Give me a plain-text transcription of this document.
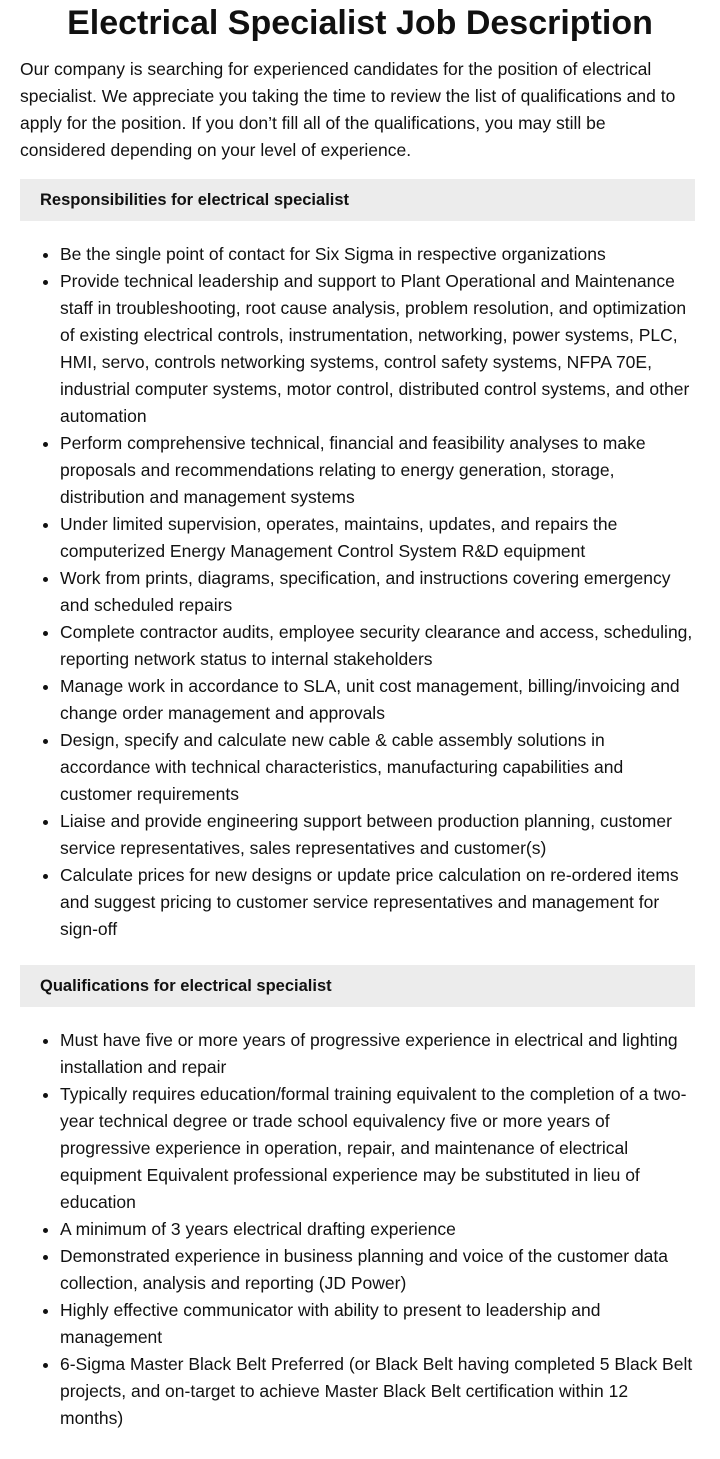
Electrical Specialist Job Description

Our company is searching for experienced candidates for the position of electrical specialist. We appreciate you taking the time to review the list of qualifications and to apply for the position. If you don’t fill all of the qualifications, you may still be considered depending on your level of experience.

Responsibilities for electrical specialist
• Be the single point of contact for Six Sigma in respective organizations
• Provide technical leadership and support to Plant Operational and Maintenance staff in troubleshooting, root cause analysis, problem resolution, and optimization of existing electrical controls, instrumentation, networking, power systems, PLC, HMI, servo, controls networking systems, control safety systems, NFPA 70E, industrial computer systems, motor control, distributed control systems, and other automation
• Perform comprehensive technical, financial and feasibility analyses to make proposals and recommendations relating to energy generation, storage, distribution and management systems
• Under limited supervision, operates, maintains, updates, and repairs the computerized Energy Management Control System R&D equipment
• Work from prints, diagrams, specification, and instructions covering emergency and scheduled repairs
• Complete contractor audits, employee security clearance and access, scheduling, reporting network status to internal stakeholders
• Manage work in accordance to SLA, unit cost management, billing/invoicing and change order management and approvals
• Design, specify and calculate new cable & cable assembly solutions in accordance with technical characteristics, manufacturing capabilities and customer requirements
• Liaise and provide engineering support between production planning, customer service representatives, sales representatives and customer(s)
• Calculate prices for new designs or update price calculation on re-ordered items and suggest pricing to customer service representatives and management for sign-off
Qualifications for electrical specialist
• Must have five or more years of progressive experience in electrical and lighting installation and repair
• Typically requires education/formal training equivalent to the completion of a two-year technical degree or trade school equivalency five or more years of progressive experience in operation, repair, and maintenance of electrical equipment Equivalent professional experience may be substituted in lieu of education
• A minimum of 3 years electrical drafting experience
• Demonstrated experience in business planning and voice of the customer data collection, analysis and reporting (JD Power)
• Highly effective communicator with ability to present to leadership and management
• 6-Sigma Master Black Belt Preferred (or Black Belt having completed 5 Black Belt projects, and on-target to achieve Master Black Belt certification within 12 months)
